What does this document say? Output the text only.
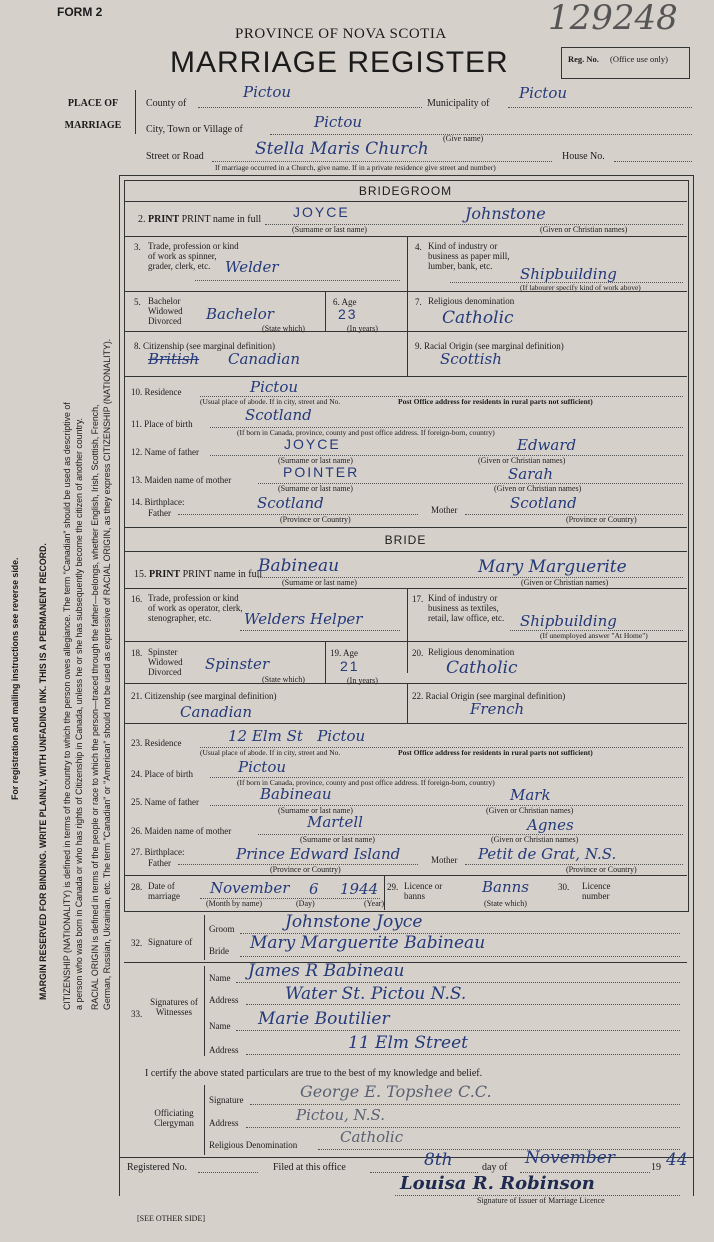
FORM 2	129248
PROVINCE OF NOVA SCOTIA
MARRIAGE REGISTER	Reg. No. (Office use only)
PLACE OF MARRIAGE
County of
Pictou
Municipality of
Pictou
City, Town or Village of	Pictou
(Give name)
Street or Road	Stella Maris Church	House No.
If marriage occurred in a Church, give name. If in a private residence give street and number)
For registration and mailing instructions see reverse side. MARGIN RESERVED FOR BINDING. WRITE PLAINLY, WITH UNFADING INK. THIS IS A PERMANENT RECORD. CITIZENSHIP (NATIONALITY) is defined in terms of the country to which the person owes allegiance. The term "Canadian" should be used as descriptive of a person who was born in Canada or who has rights of Citizenship in Canada, unless he or she has subsequently become the citizen of another country. RACIAL ORIGIN is defined in terms of the people or race to which the person—traced through the father—belongs, whether English, Irish, Scottish, French, German, Russian, Ukrainian, etc. The term "Canadian" or "American" should not be used as expressive of RACIAL ORIGIN, as they express CITIZENSHIP (NATIONALITY).
BRIDEGROOM
2. PRINT PRINT name in full JOYCE	Johnstone
(Surname or last name)	(Given or Christian names)
3. Trade, profession or kind of work as spinner, grader, clerk, etc. Welder
4. Kind of industry or business as paper mill, lumber, bank, etc.	Shipbuilding
(If labourer specify kind of work above)
5. Bachelor Widowed Divorced	Bachelor
(State which)
6. Age
23
(In years)
7. Religious denomination
Catholic
8. Citizenship (see marginal definition)
British Canadian
9. Racial Origin (see marginal definition)
Scottish
10. Residence	Pictou
(Usual place of abode. If in city, street and No.	Post Office address for residents in rural parts not sufficient)
11. Place of birth	Scotland
(If born in Canada, province, county and post office address. If foreign-born, country)
12. Name of father	JOYCE	Edward
(Surname or last name)	(Given or Christian names)
13. Maiden name of mother	POINTER	Sarah
(Surname or last name)	(Given or Christian names)
14. Birthplace:
Father
Scotland
(Province or Country)
Mother	Scotland
(Province or Country)
BRIDE
15. PRINT PRINT name in full
Babineau	Mary Marguerite
(Surname or last name)	(Given or Christian names)
16. Trade, profession or kind of work as operator, clerk, stenographer, etc.	Welders Helper
17. Kind of industry or business as textiles, retail, law office, etc.	Shipbuilding
(If unemployed answer "At Home")
18. Spinster Widowed Divorced	Spinster
(State which)
19. Age
21
(In years)
20. Religious denomination
Catholic
21. Citizenship (see marginal definition)
Canadian
22. Racial Origin (see marginal definition)
French
23. Residence	12 Elm St   Pictou
(Usual place of abode. If in city, street and No.	Post Office address for residents in rural parts not sufficient)
24. Place of birth	Pictou
(If born in Canada, province, county and post office address. If foreign-born, country)
25. Name of father	Babineau	Mark
(Surname or last name)	(Given or Christian names)
26. Maiden name of mother	Martell	Agnes
(Surname or last name)	(Given or Christian names)
27. Birthplace:
Father	Prince Edward Island
(Province or Country)
Mother Petit de Grat, N.S.
(Province or Country)
28. Date of marriage	November 6 1944
(Month by name)	(Day)	(Year)
29. Licence or banns	Banns
(State which)
30. Licence number
32. Signature of
Groom	Johnstone Joyce
Bride Mary Marguerite Babineau
33.
Signatures of Witnesses
Name James R Babineau
Address	Water St. Pictou N.S.
Name Marie Boutilier
Address	11 Elm Street
I certify the above stated particulars are true to the best of my knowledge and belief.
Officiating Clergyman
Signature	George E. Topshee C.C.
Address	Pictou, N.S.
Religious Denomination	Catholic
Registered No.	Filed at this office	8th	day of November	19 44
Louisa R. Robinson
Signature of Issuer of Marriage Licence
[SEE OTHER SIDE]
